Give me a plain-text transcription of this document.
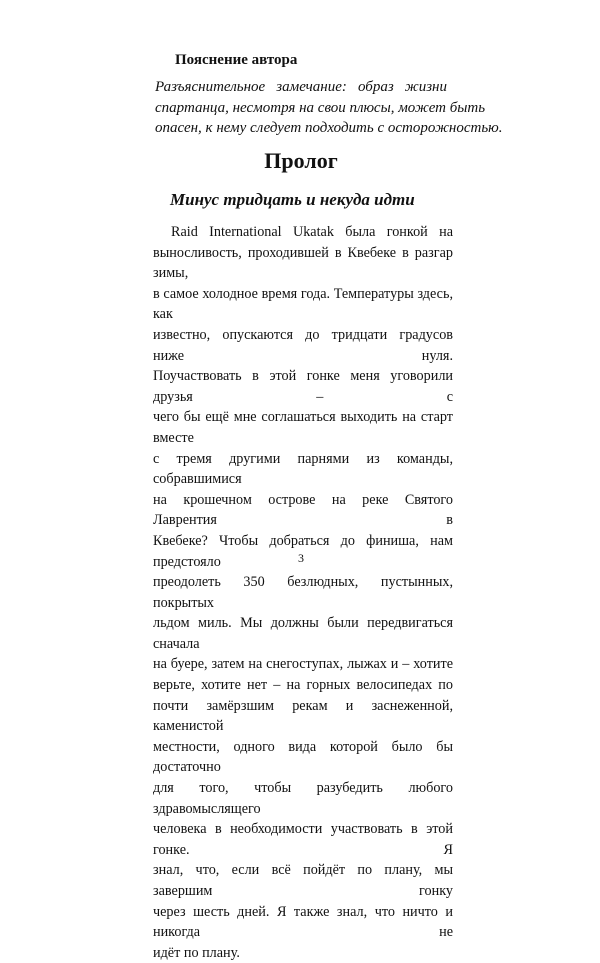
Пояснение автора
Разъяснительное замечание: образ жизни
спартанца, несмотря на свои плюсы, может быть
опасен, к нему следует подходить с осторожностью.
Пролог
Минус тридцать и некуда идти
Raid International Ukatak была гонкой на
выносливость, проходившей в Квебеке в разгар зимы,
в самое холодное время года. Температуры здесь, как
известно, опускаются до тридцати градусов ниже нуля.
Поучаствовать в этой гонке меня уговорили друзья – с
чего бы ещё мне соглашаться выходить на старт вместе
с тремя другими парнями из команды, собравшимися
на крошечном острове на реке Святого Лаврентия в
Квебеке? Чтобы добраться до финиша, нам предстояло
преодолеть 350 безлюдных, пустынных, покрытых
льдом миль. Мы должны были передвигаться сначала
на буере, затем на снегоступах, лыжах и – хотите
верьте, хотите нет – на горных велосипедах по
почти замёрзшим рекам и заснеженной, каменистой
местности, одного вида которой было бы достаточно
для того, чтобы разубедить любого здравомыслящего
человека в необходимости участвовать в этой гонке. Я
знал, что, если всё пойдёт по плану, мы завершим гонку
через шесть дней. Я также знал, что ничто и никогда не
идёт по плану.
3
